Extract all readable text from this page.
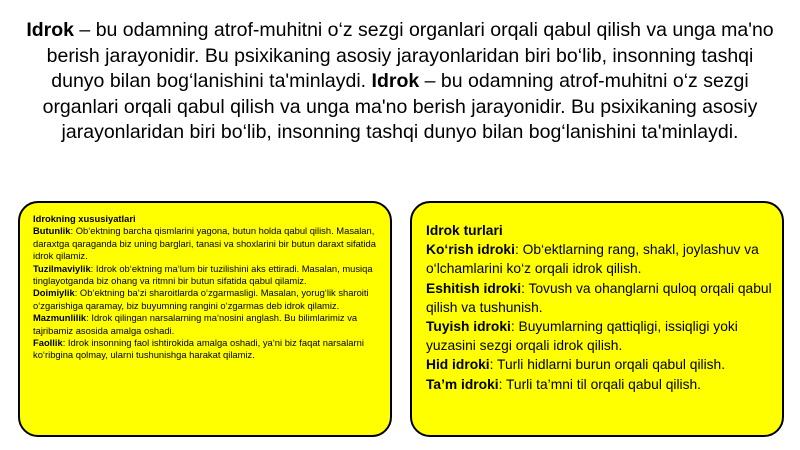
Idrok – bu odamning atrof-muhitni o‘z sezgi organlari orqali qabul qilish va unga ma'no berish jarayonidir. Bu psixikaning asosiy jarayonlaridan biri bo‘lib, insonning tashqi dunyo bilan bog‘lanishini ta'minlaydi. Idrok – bu odamning atrof-muhitni o‘z sezgi organlari orqali qabul qilish va unga ma'no berish jarayonidir. Bu psixikaning asosiy jarayonlaridan biri bo‘lib, insonning tashqi dunyo bilan bog‘lanishini ta'minlaydi.

Idrokning xususiyatlari

Butunlik: Ob‘ektning barcha qismlarini yagona, butun holda qabul qilish. Masalan, daraxtga qaraganda biz uning barglari, tanasi va shoxlarini bir butun daraxt sifatida idrok qilamiz.

Tuzilmaviylik: Idrok ob‘ektning ma‘lum bir tuzilishini aks ettiradi. Masalan, musiqa tinglayotganda biz ohang va ritmni bir butun sifatida qabul qilamiz.

Doimiylik: Ob‘ektning ba‘zi sharoitlarda o‘zgarmasligi. Masalan, yorug‘lik sharoiti o‘zgarishiga qaramay, biz buyumning rangini o‘zgarmas deb idrok qilamiz.

Mazmunlilik: Idrok qilingan narsalarning ma‘nosini anglash. Bu bilimlarimiz va tajribamiz asosida amalga oshadi.

Faollik: Idrok insonning faol ishtirokida amalga oshadi, ya‘ni biz faqat narsalarni ko‘ribgina qolmay, ularni tushunishga harakat qilamiz.

Idrok turlari

Ko‘rish idroki: Ob‘ektlarning rang, shakl, joylashuv va o‘lchamlarini ko‘z orqali idrok qilish.

Eshitish idroki: Tovush va ohanglarni quloq orqali qabul qilish va tushunish.

Tuyish idroki: Buyumlarning qattiqligi, issiqligi yoki yuzasini sezgi orqali idrok qilish.

Hid idroki: Turli hidlarni burun orqali qabul qilish.

Ta’m idroki: Turli ta’mni til orqali qabul qilish.
